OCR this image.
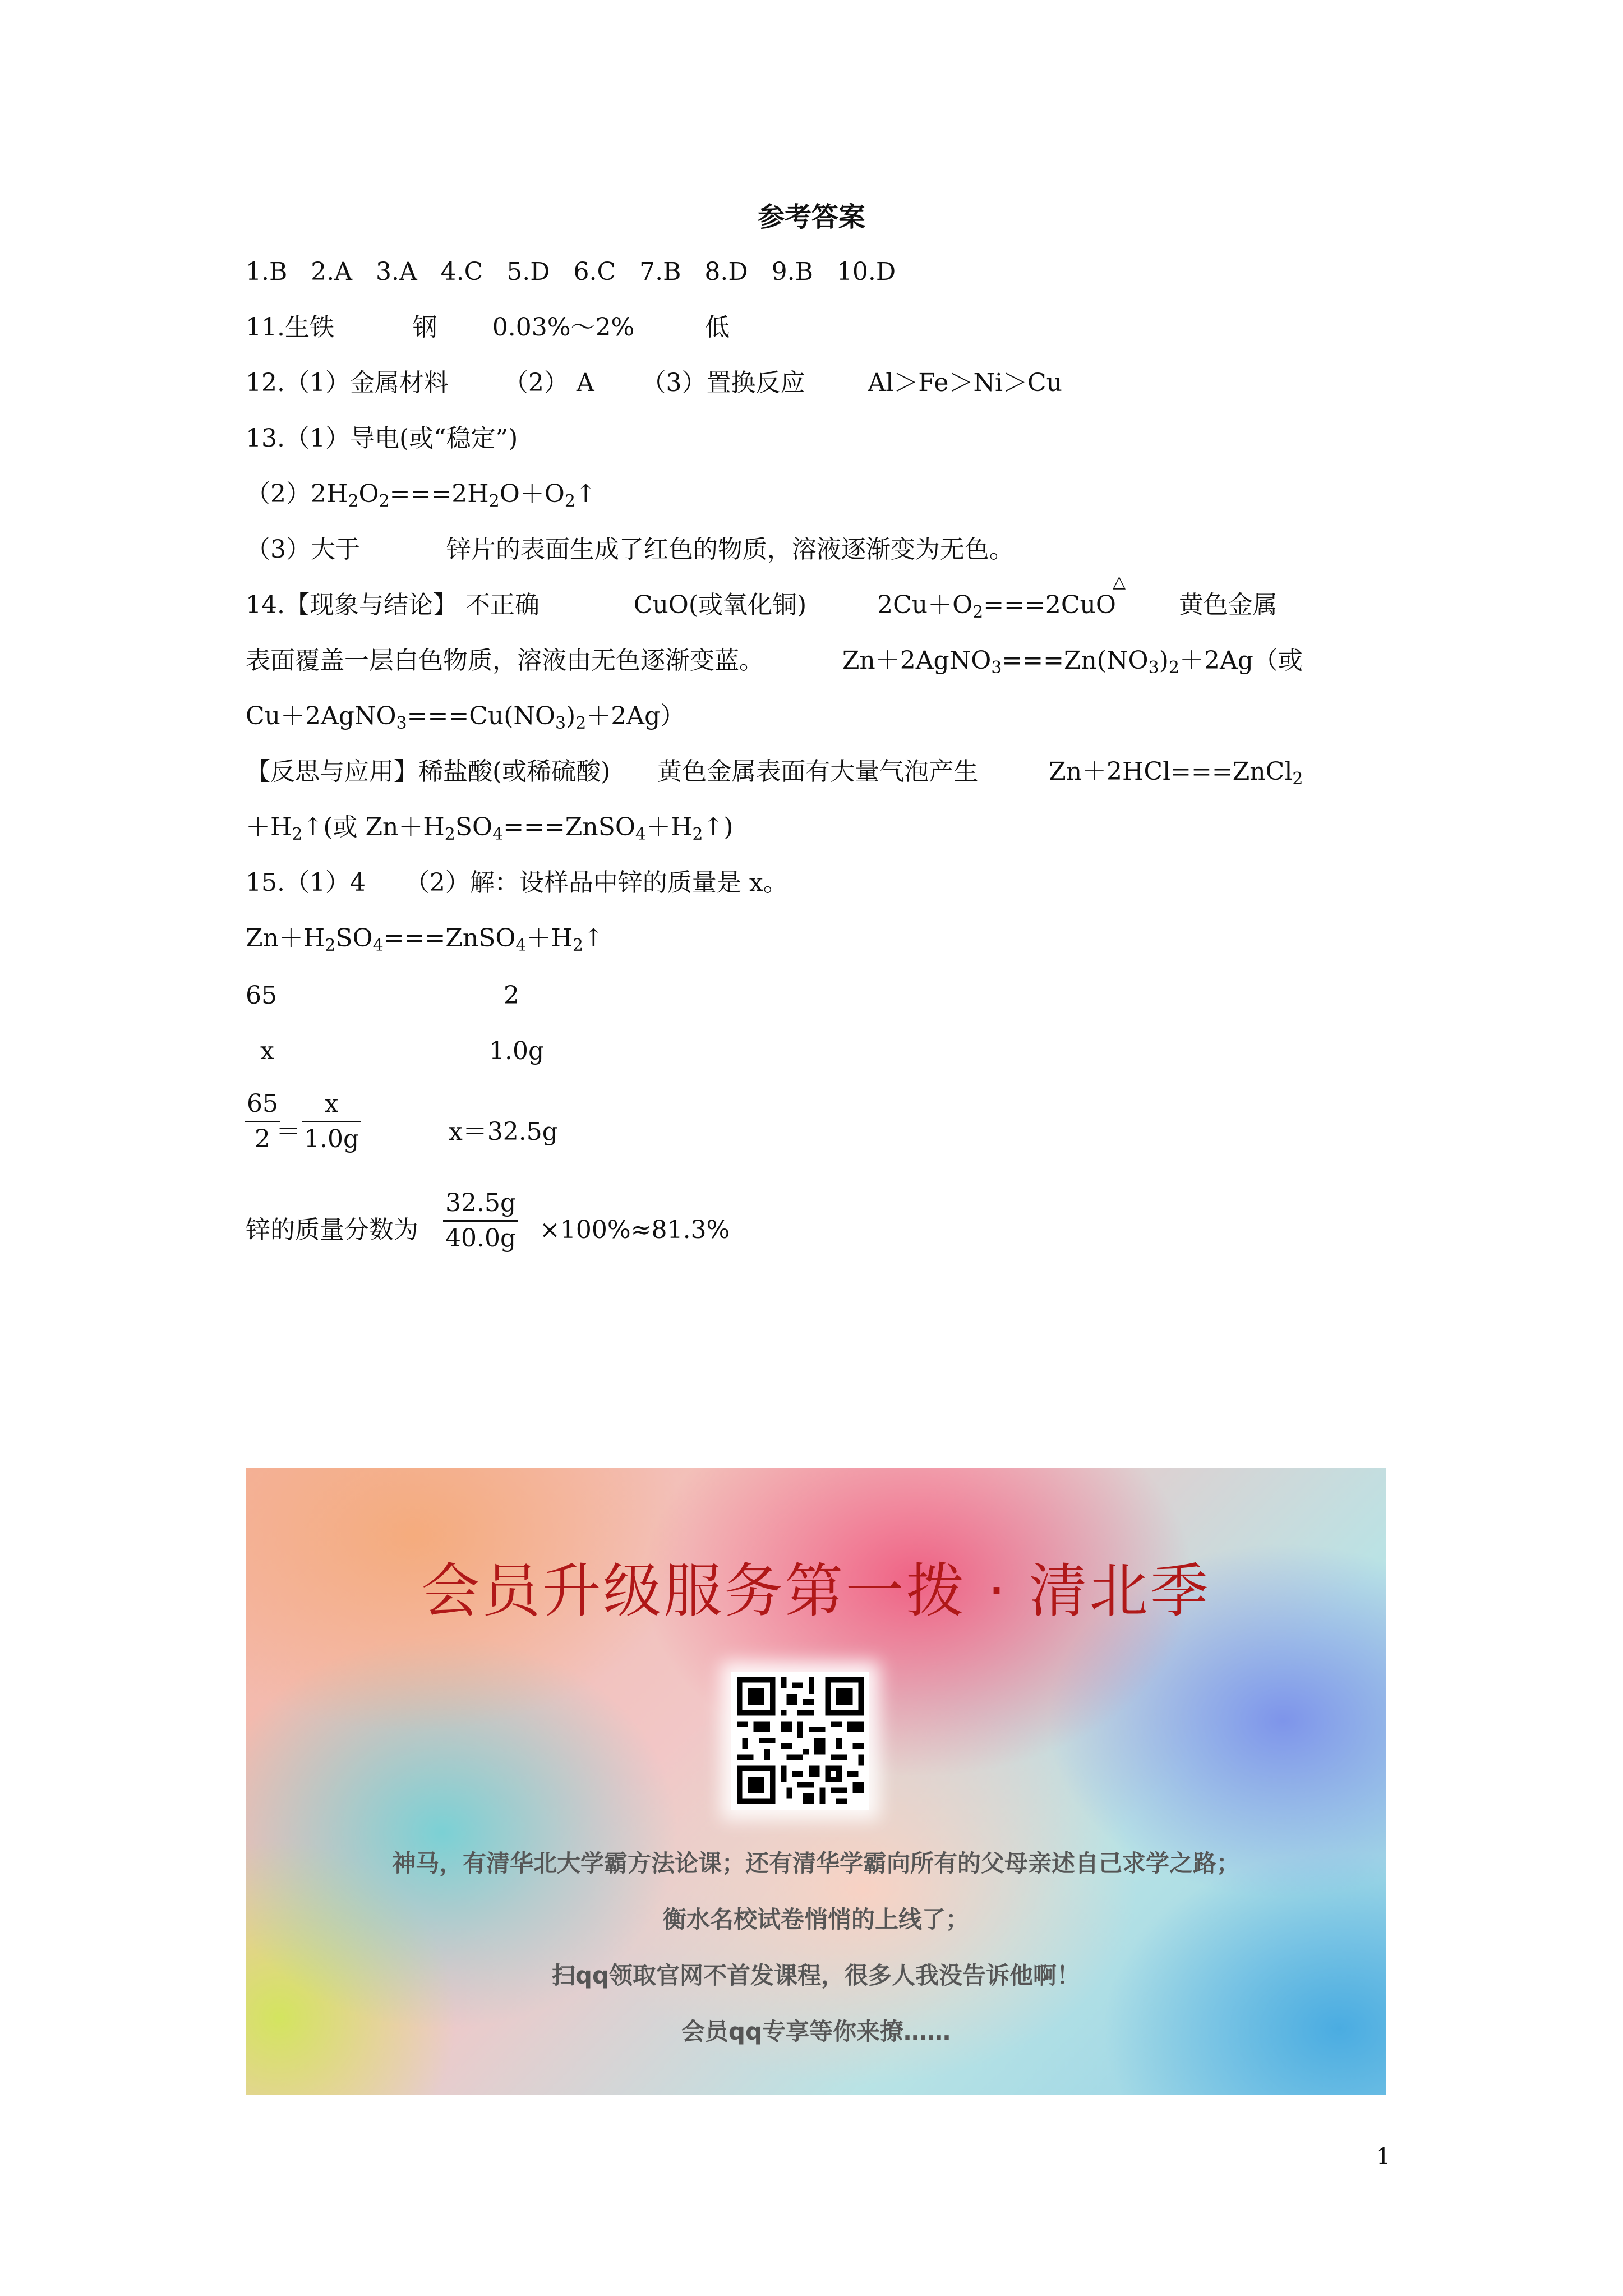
参考答案
1.B   2.A   3.A   4.C   5.D   6.C   7.B   8.D   9.B   10.D
11.生铁          钢       0.03%～2%         低
12.（1）金属材料       （2） A      （3）置换反应        Al＞Fe＞Ni＞Cu
13.（1）导电(或“稳定”)
$(2)2H_2O_2===2H_2O+O_2↑$
（3）大于           锌片的表面生成了红色的物质，溶液逐渐变为无色。
△
14.【现象与结论】 不正确            CuO(或氧化铜)         $2Cu+O_2===2CuO$        黄色金属
表面覆盖一层白色物质，溶液由无色逐渐变蓝。          $Zn+2AgNO_3===Zn(NO_3)_2+2Ag$（或
$Cu+2AgNO_3===Cu(NO_3)_2+2Ag$）
【反思与应用】稀盐酸(或稀硫酸)      黄色金属表面有大量气泡产生         Zn＋2HCl===ZnCl$_2$
$+H_2↑$(或 $Zn+H_2SO_4===ZnSO_4+H_2↑$)
15.（1）4     （2）解：设样品中锌的质量是 x。
$Zn+H_2SO_4===ZnSO_4+H_2↑$
65	2
x	1.0g
65
2 ＝
x
1.0g	x＝32.5g
锌的质量分数为
32.5g
40.0g ×100%≈81.3%
会员升级服务第一拨 · 清北季
神马，有清华北大学霸方法论课；还有清华学霸向所有的父母亲述自己求学之路；
衡水名校试卷悄悄的上线了；
扫qq领取官网不首发课程，很多人我没告诉他啊！
会员qq专享等你来撩……
1
